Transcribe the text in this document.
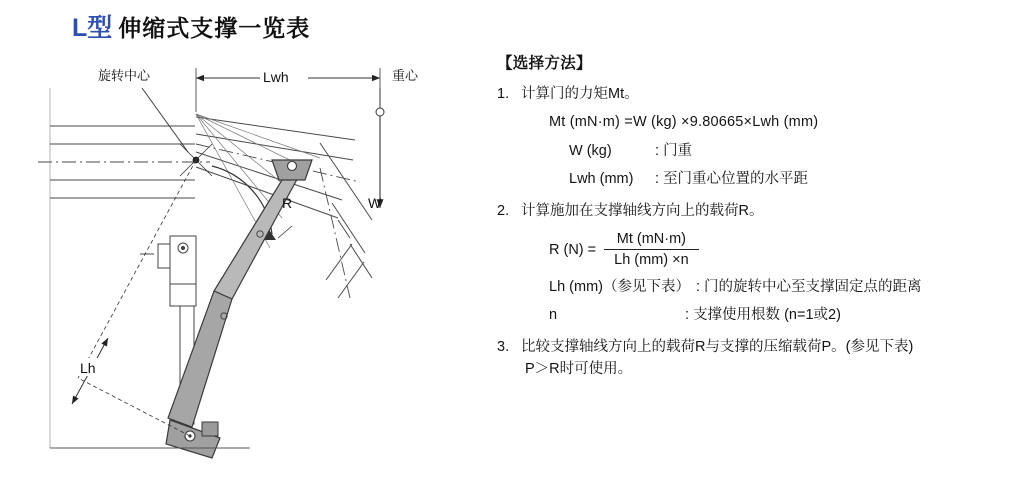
L型 伸缩式支撑一览表
旋转中心	重心
W
Lwh
Lh
R
【选择方法】
1. 计算门的力矩Mt。
Mt (mN·m) =W (kg) ×9.80665×Lwh (mm)
W (kg)	: 门重
Lwh (mm)	: 至门重心位置的水平距
2. 计算施加在支撑轴线方向上的载荷R。
R $(N) = \frac{Mt (mN\cdot m)}{Lh (mm) \times n}$
Lh (mm)（参见下表） : 门的旋转中心至支撑固定点的距离
n	: 支撑使用根数 (n=1或2)
3. 比较支撑轴线方向上的载荷R与支撑的压缩载荷P。(参见下表)
P＞R时可使用。
